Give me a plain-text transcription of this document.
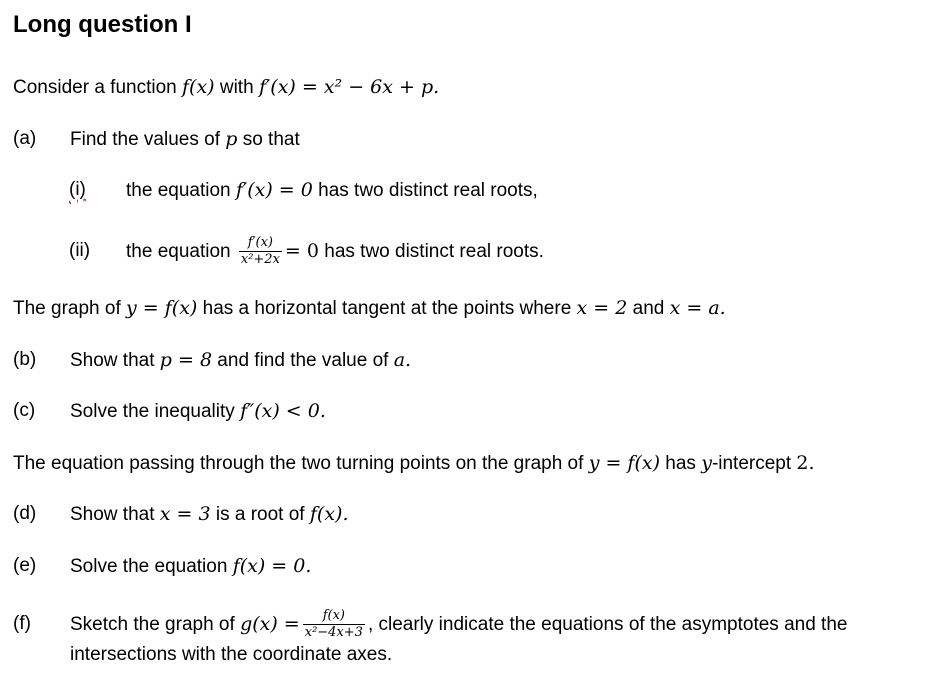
Long question I
Consider a function f(x) with f′(x) = x² − 6x + p.
(a) Find the values of p so that
(i) the equation f′(x) = 0 has two distinct real roots,
(ii) the equation $\frac{f'(x)}{\text{x²+2x}} = 0$ has two distinct real roots.
The graph of y = f(x) has a horizontal tangent at the points where x = 2 and x = a.
(b) Show that p = 8 and find the value of a.
(c) Solve the inequality f″(x) < 0.
The equation passing through the two turning points on the graph of y = f(x) has y-intercept 2.
(d) Show that x = 3 is a root of f(x).
(e) Solve the equation f(x) = 0.
(f) Sketch the graph of $g(x) = \frac{f(x)}{\text{x²−4x+3}}$ , clearly indicate the equations of the asymptotes and the
intersections with the coordinate axes.
